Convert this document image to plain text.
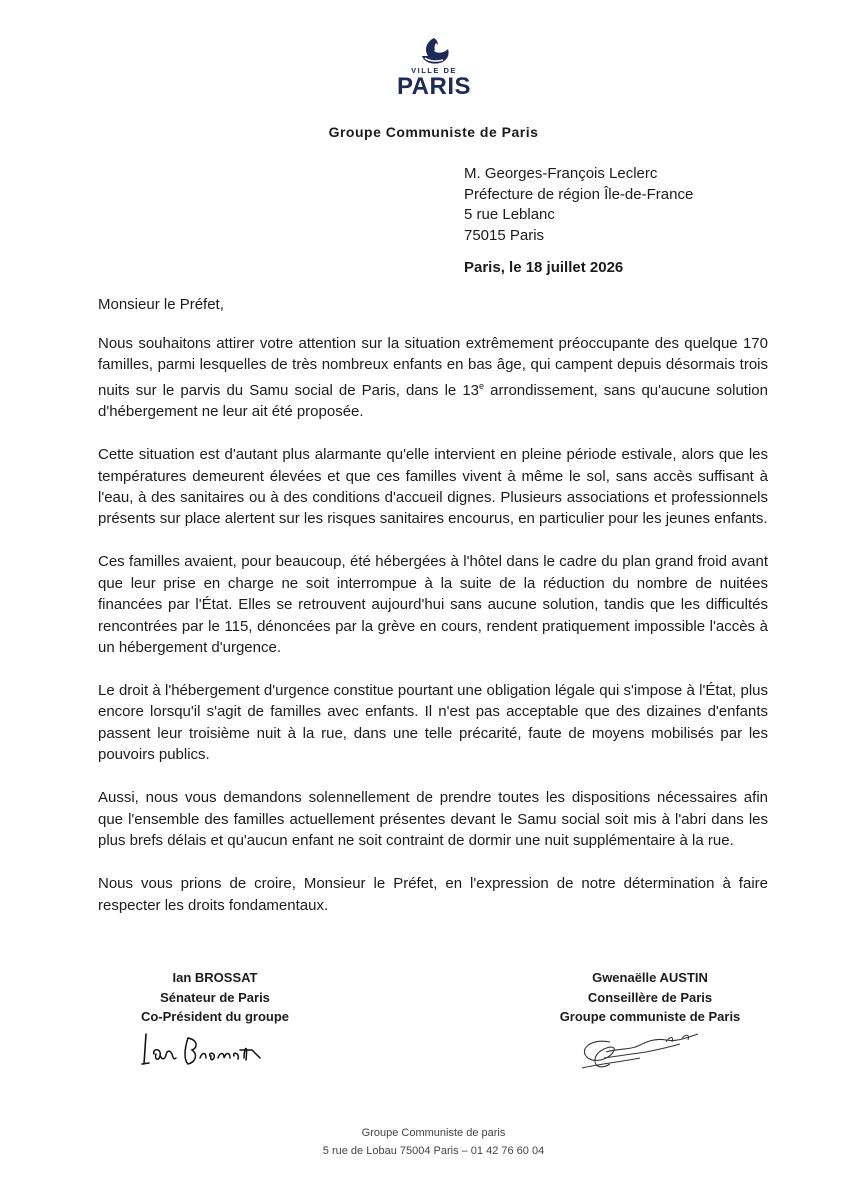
VILLE DE
PARIS
Groupe Communiste de Paris
M. Georges-François Leclerc
Préfecture de région Île-de-France
5 rue Leblanc
75015 Paris
Paris, le 18 juillet 2026
Monsieur le Préfet,

Nous souhaitons attirer votre attention sur la situation extrêmement préoccupante des quelque 170 familles, parmi lesquelles de très nombreux enfants en bas âge, qui campent depuis désormais trois nuits sur le parvis du Samu social de Paris, dans le 13e arrondissement, sans qu'aucune solution d'hébergement ne leur ait été proposée.

Cette situation est d'autant plus alarmante qu'elle intervient en pleine période estivale, alors que les températures demeurent élevées et que ces familles vivent à même le sol, sans accès suffisant à l'eau, à des sanitaires ou à des conditions d'accueil dignes. Plusieurs associations et professionnels présents sur place alertent sur les risques sanitaires encourus, en particulier pour les jeunes enfants.

Ces familles avaient, pour beaucoup, été hébergées à l'hôtel dans le cadre du plan grand froid avant que leur prise en charge ne soit interrompue à la suite de la réduction du nombre de nuitées financées par l'État. Elles se retrouvent aujourd'hui sans aucune solution, tandis que les difficultés rencontrées par le 115, dénoncées par la grève en cours, rendent pratiquement impossible l'accès à un hébergement d'urgence.

Le droit à l'hébergement d'urgence constitue pourtant une obligation légale qui s'impose à l'État, plus encore lorsqu'il s'agit de familles avec enfants. Il n'est pas acceptable que des dizaines d'enfants passent leur troisième nuit à la rue, dans une telle précarité, faute de moyens mobilisés par les pouvoirs publics.

Aussi, nous vous demandons solennellement de prendre toutes les dispositions nécessaires afin que l'ensemble des familles actuellement présentes devant le Samu social soit mis à l'abri dans les plus brefs délais et qu'aucun enfant ne soit contraint de dormir une nuit supplémentaire à la rue.

Nous vous prions de croire, Monsieur le Préfet, en l'expression de notre détermination à faire respecter les droits fondamentaux.

Ian BROSSAT
Sénateur de Paris
Co-Président du groupe
Gwenaëlle AUSTIN
Conseillère de Paris
Groupe communiste de Paris
Groupe Communiste de paris
5 rue de Lobau 75004 Paris – 01 42 76 60 04
